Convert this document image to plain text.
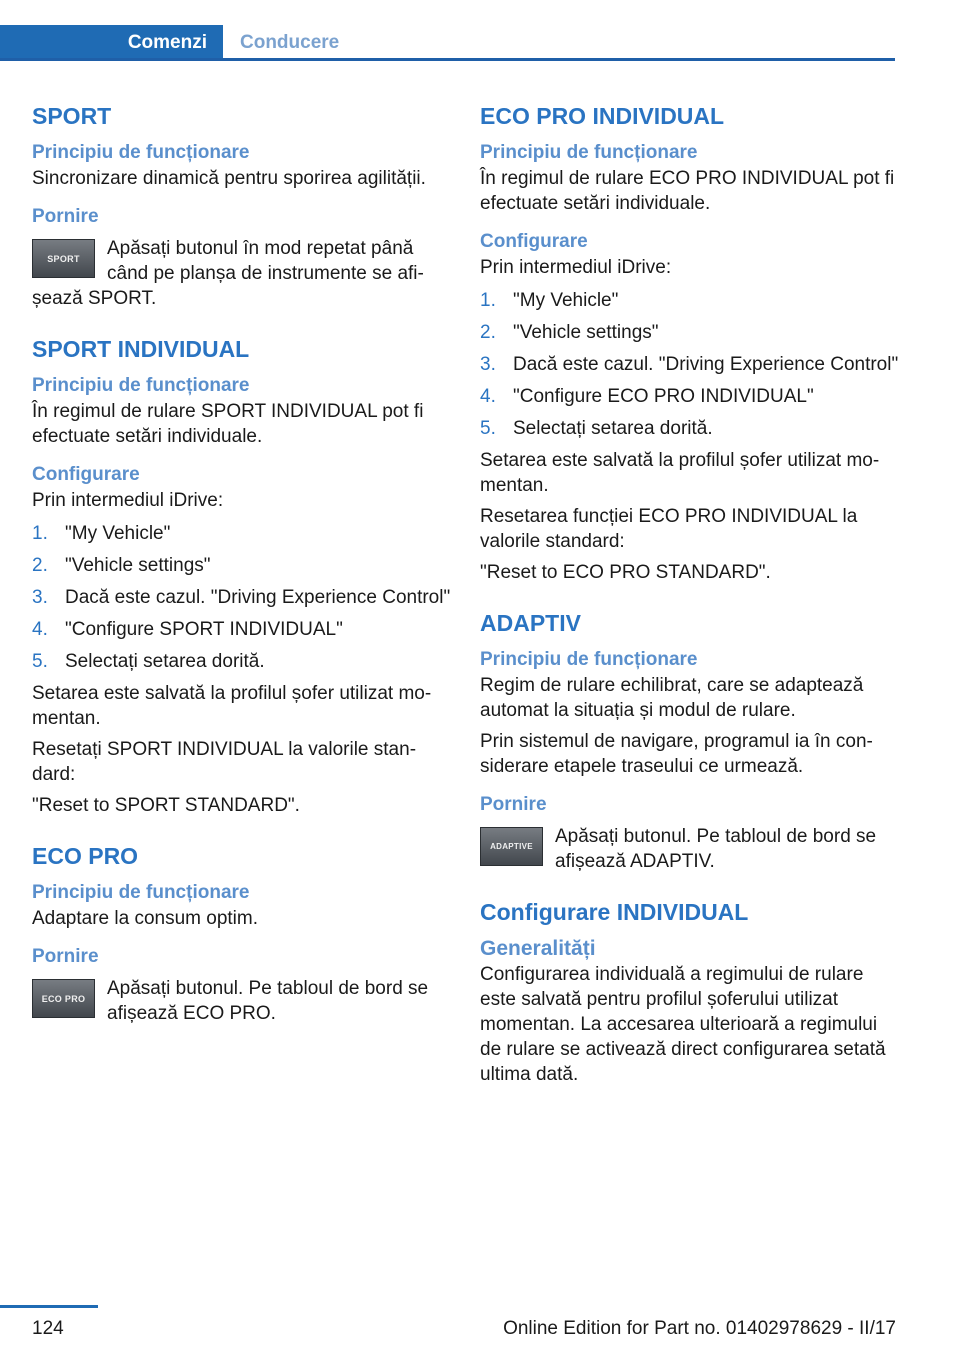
Comenzi	Conducere
SPORT
Principiu de funcționare

Sincronizare dinamică pentru sporirea agilității.

Pornire
SPORT	Apăsați butonul în mod repetat până când pe planșa de instrumente se afișează SPORT.

SPORT INDIVIDUAL
Principiu de funcționare

În regimul de rulare SPORT INDIVIDUAL pot fi efectuate setări individuale.

Configurare

Prin intermediul iDrive:

1. "My Vehicle"
2. "Vehicle settings"
3. Dacă este cazul. "Driving Experience Control"
4. "Configure SPORT INDIVIDUAL"
5. Selectați setarea dorită.

Setarea este salvată la profilul șofer utilizat momentan.

Resetați SPORT INDIVIDUAL la valorile standard:

"Reset to SPORT STANDARD".

ECO PRO
Principiu de funcționare

Adaptare la consum optim.

Pornire
ECO PRO	Apăsați butonul. Pe tabloul de bord se afișează ECO PRO.

ECO PRO INDIVIDUAL
Principiu de funcționare

În regimul de rulare ECO PRO INDIVIDUAL pot fi efectuate setări individuale.

Configurare

Prin intermediul iDrive:

1. "My Vehicle"
2. "Vehicle settings"
3. Dacă este cazul. "Driving Experience Control"
4. "Configure ECO PRO INDIVIDUAL"
5. Selectați setarea dorită.

Setarea este salvată la profilul șofer utilizat momentan.

Resetarea funcției ECO PRO INDIVIDUAL la valorile standard:

"Reset to ECO PRO STANDARD".

ADAPTIV
Principiu de funcționare

Regim de rulare echilibrat, care se adaptează automat la situația și modul de rulare.

Prin sistemul de navigare, programul ia în considerare etapele traseului ce urmează.

Pornire
ADAPTIVE	Apăsați butonul. Pe tabloul de bord se afișează ADAPTIV.

Configurare INDIVIDUAL
Generalități

Configurarea individuală a regimului de rulare este salvată pentru profilul șoferului utilizat momentan. La accesarea ulterioară a regimului de rulare se activează direct configurarea setată ultima dată.

124	Online Edition for Part no. 01402978629 - II/17
